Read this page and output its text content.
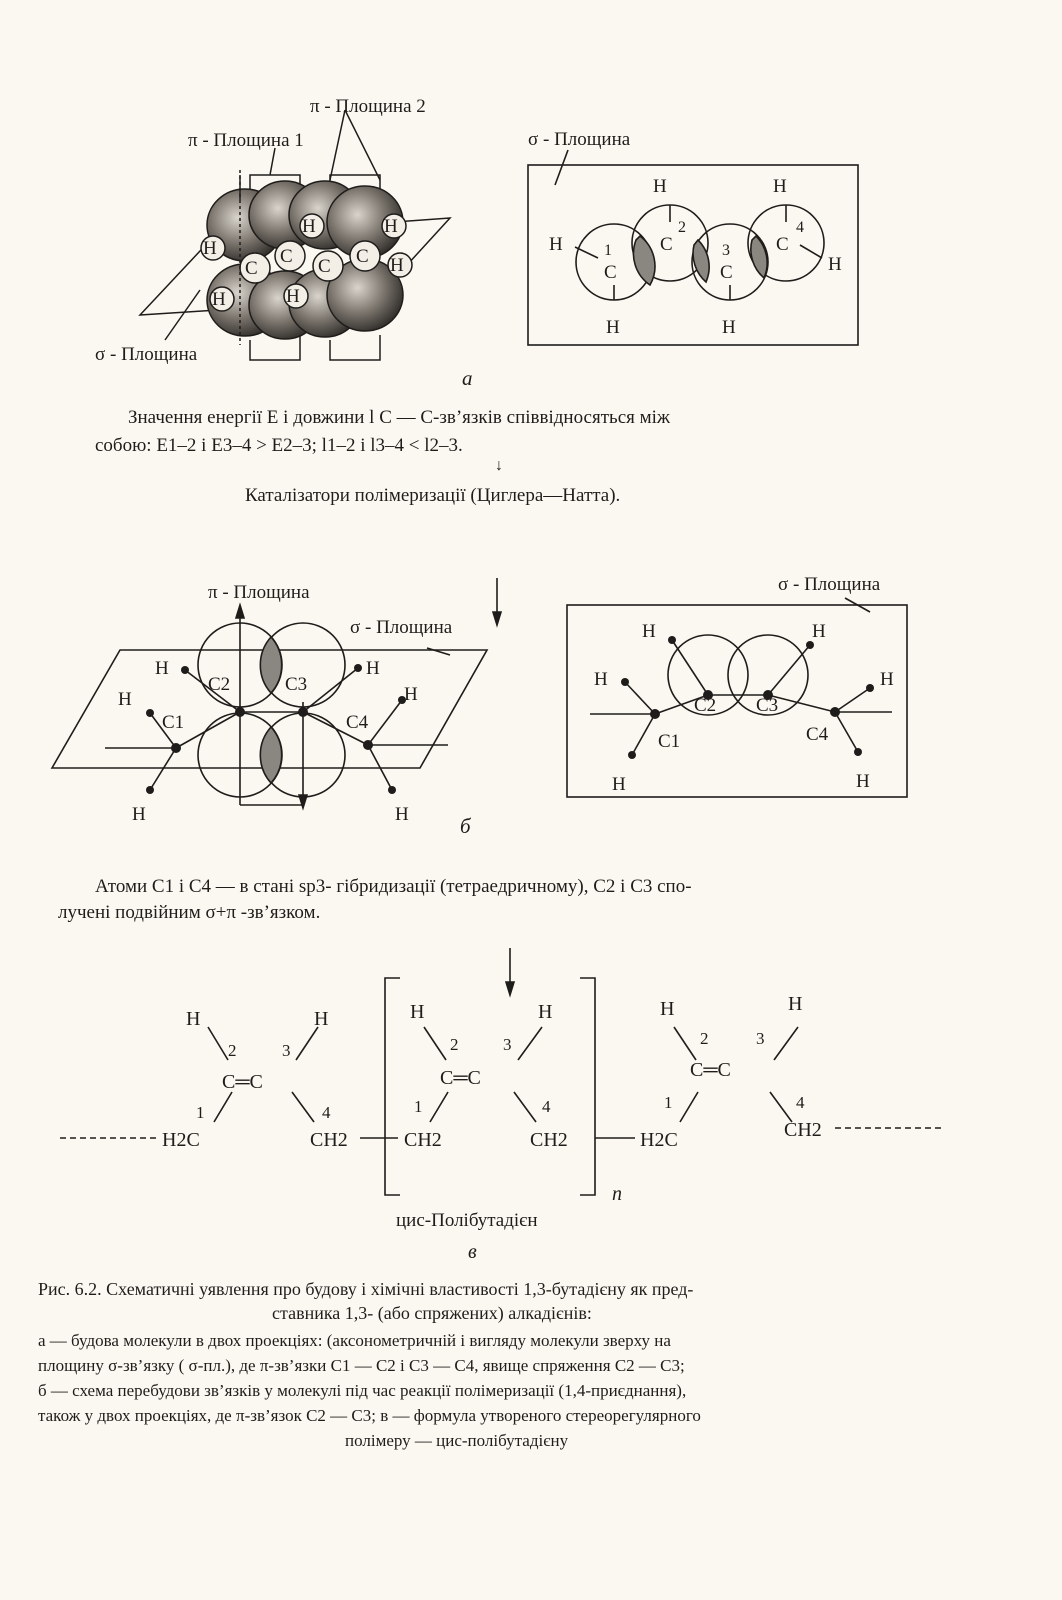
C
C C C
H
H	H
H	H
H
π - Площина 2
π - Площина 1
σ - Площина
σ - Площина
H	H
H
H
H	H
C
C
C
C
1
2
3
4
а
π - Площина
σ - Площина
H
H
H
H
H
H
C1
C2	C3
C4
б
σ - Площина
H	H
H	H
H	H
C1
C2 C3
C4
H	H
C═C
2	3
1	4
H2C	CH2
H	H
C═C
2	3
1	4
CH2	CH2
n
H	H
C═C
2	3
1	4
H2C	CH2
цис-Полібутадієн
в
Значення енергії E і довжини l C — C-зв’язків співвідносяться між
собою: E1–2 і E3–4 > E2–3; l1–2 і l3–4 < l2–3.
↓
Каталізатори полімеризації (Циглера—Натта).
Атоми C1 і C4 — в стані sp3- гібридизації (тетраедричному), C2 і C3 спо-
лучені подвійним σ+π -зв’язком.
Рис. 6.2. Схематичні уявлення про будову і хімічні властивості 1,3-бутадієну як пред-
ставника 1,3- (або спряжених) алкадієнів:
а — будова молекули в двох проекціях: (аксонометричній і вигляду молекули зверху на
площину σ-зв’язку ( σ-пл.), де π-зв’язки C1 — C2 і C3 — C4, явище спряження C2 — C3;
б — схема перебудови зв’язків у молекулі під час реакції полімеризації (1,4-приєднання),
також у двох проекціях, де π-зв’язок C2 — C3; в — формула утвореного стереорегулярного
полімеру — цис-полібутадієну
